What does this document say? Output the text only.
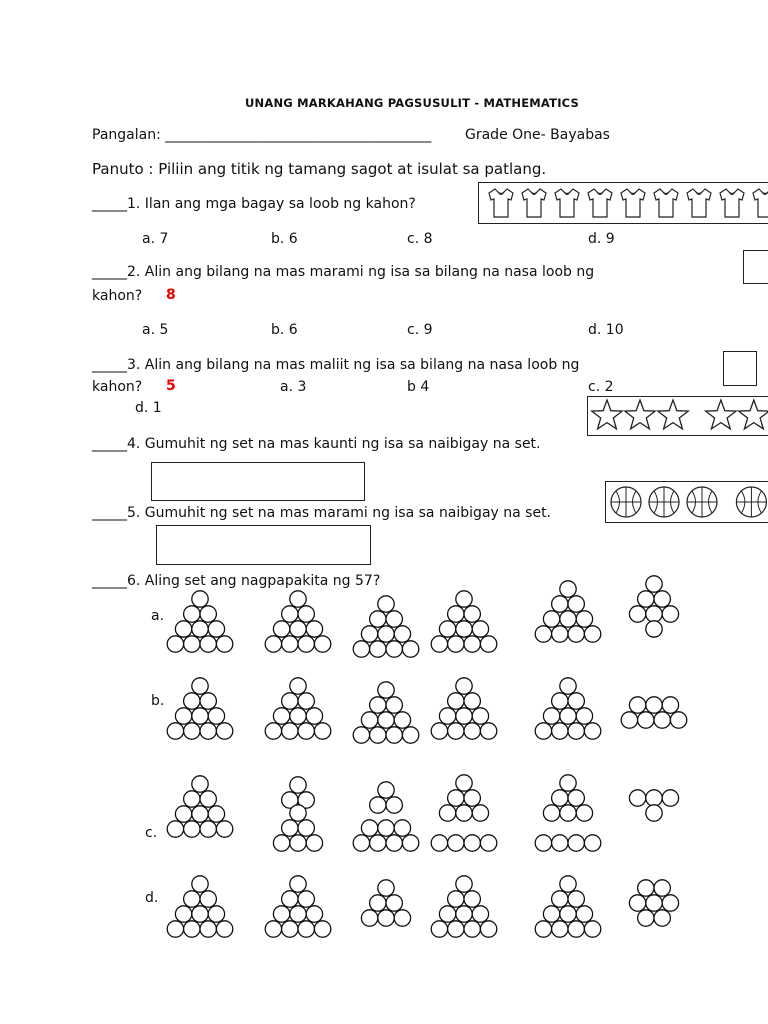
UNANG MARKAHANG PAGSUSULIT - MATHEMATICS
Pangalan: ______________________________________ Grade One- Bayabas
Panuto : Piliin ang titik ng tamang sagot at isulat sa patlang.
_____1. Ilan ang mga bagay sa loob ng kahon?
a. 7	b. 6	c. 8	d. 9
_____2. Alin ang bilang na mas marami ng isa sa bilang na nasa loob ng
kahon? 8
a. 5	b. 6	c. 9	d. 10
_____3. Alin ang bilang na mas maliit ng isa sa bilang na nasa loob ng
kahon? 5	a. 3	b 4	c. 2
d. 1
_____4. Gumuhit ng set na mas kaunti ng isa sa naibigay na set.
_____5. Gumuhit ng set na mas marami ng isa sa naibigay na set.
_____6. Aling set ang nagpapakita ng 57?
a.
b.
c.
d.
